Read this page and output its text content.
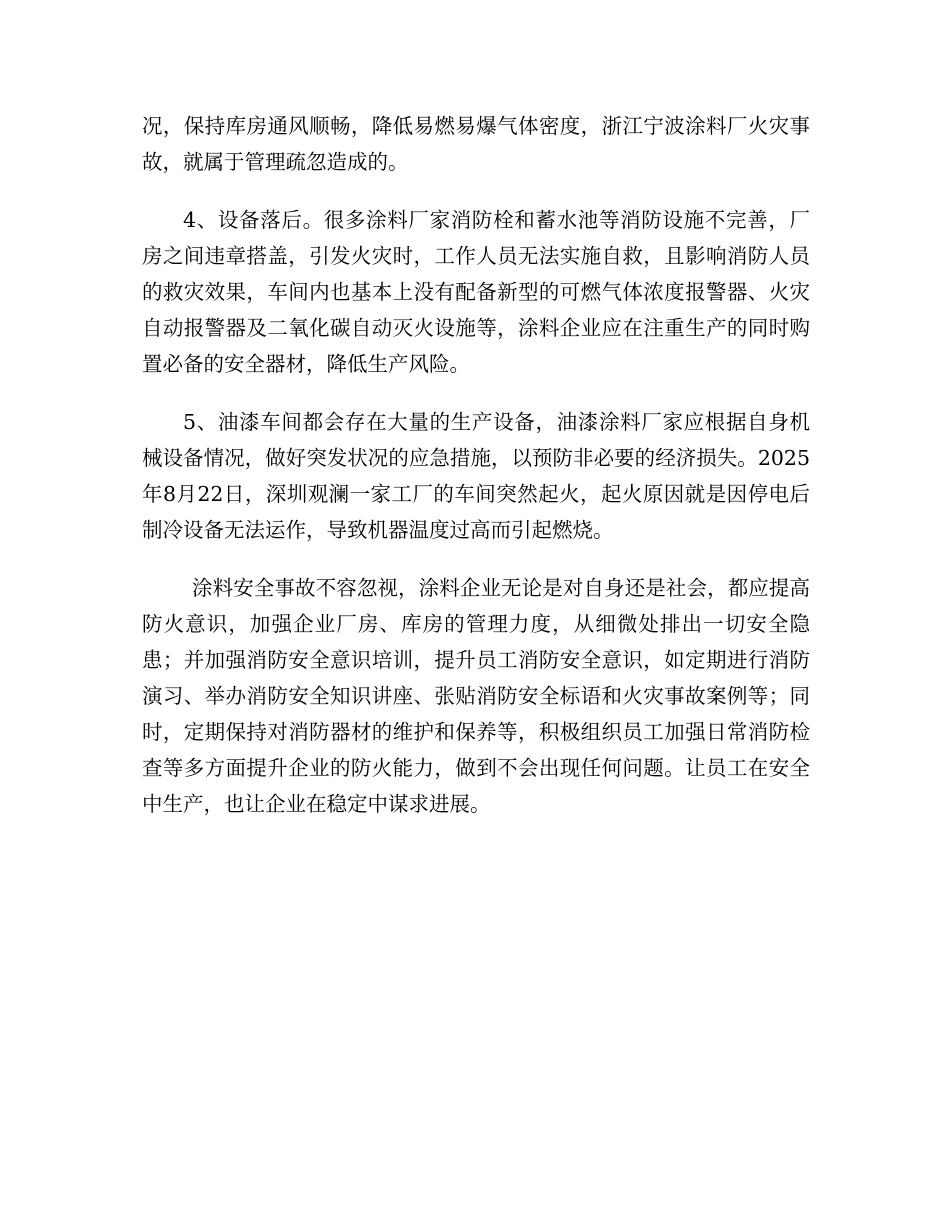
况，保持库房通风顺畅，降低易燃易爆气体密度，浙江宁波涂料厂火灾事故，就属于管理疏忽造成的。

4、设备落后。很多涂料厂家消防栓和蓄水池等消防设施不完善，厂房之间违章搭盖，引发火灾时，工作人员无法实施自救，且影响消防人员的救灾效果，车间内也基本上没有配备新型的可燃气体浓度报警器、火灾自动报警器及二氧化碳自动灭火设施等，涂料企业应在注重生产的同时购置必备的安全器材，降低生产风险。

5、油漆车间都会存在大量的生产设备，油漆涂料厂家应根据自身机械设备情况，做好突发状况的应急措施，以预防非必要的经济损失。2025年8月22日，深圳观澜一家工厂的车间突然起火，起火原因就是因停电后制冷设备无法运作，导致机器温度过高而引起燃烧。

涂料安全事故不容忽视，涂料企业无论是对自身还是社会，都应提高防火意识，加强企业厂房、库房的管理力度，从细微处排出一切安全隐患；并加强消防安全意识培训，提升员工消防安全意识，如定期进行消防演习、举办消防安全知识讲座、张贴消防安全标语和火灾事故案例等；同时，定期保持对消防器材的维护和保养等，积极组织员工加强日常消防检查等多方面提升企业的防火能力，做到不会出现任何问题。让员工在安全中生产，也让企业在稳定中谋求进展。
